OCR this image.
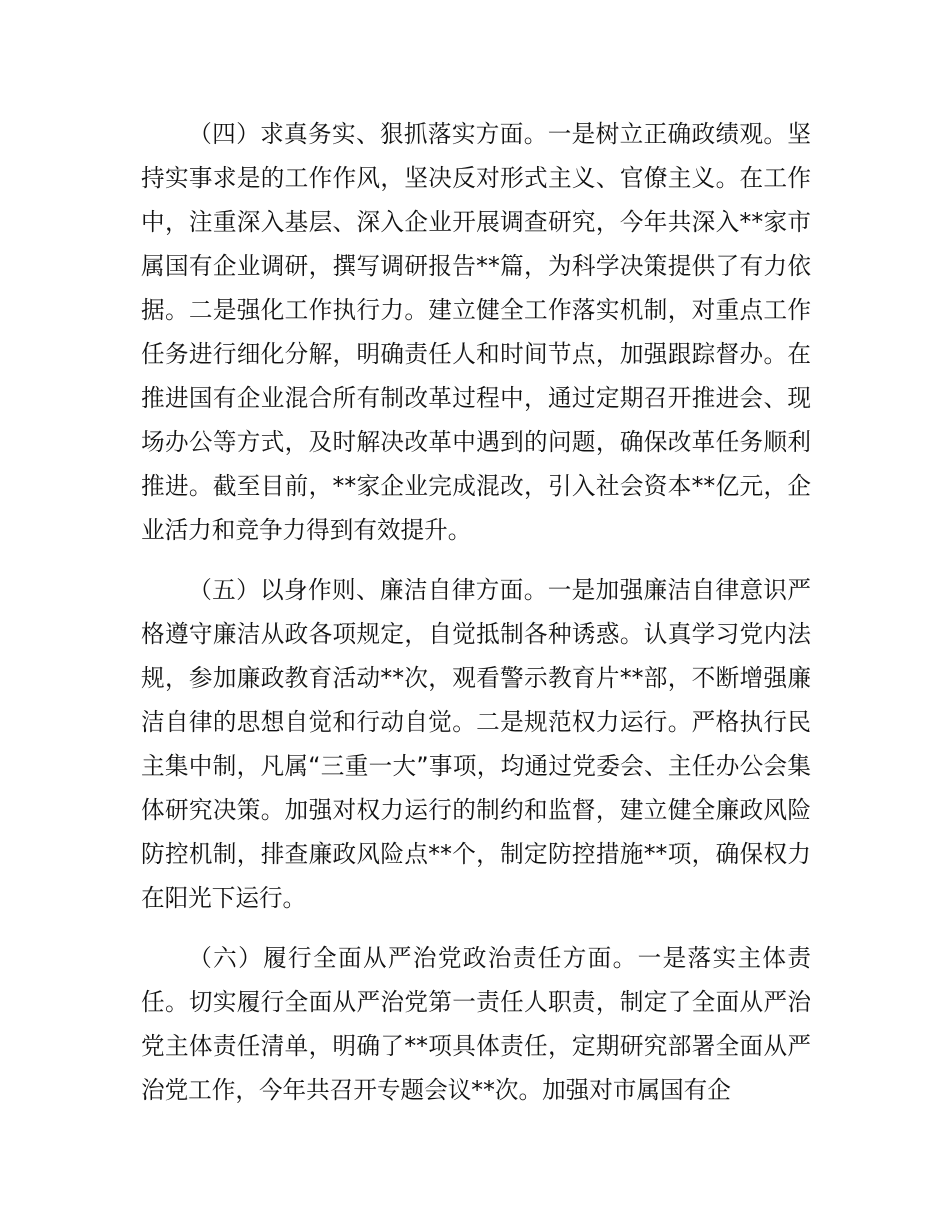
（四）求真务实、狠抓落实方面。一是树立正确政绩观。坚持实事求是的工作作风，坚决反对形式主义、官僚主义。在工作中，注重深入基层、深入企业开展调查研究，今年共深入**家市属国有企业调研，撰写调研报告**篇，为科学决策提供了有力依据。二是强化工作执行力。建立健全工作落实机制，对重点工作任务进行细化分解，明确责任人和时间节点，加强跟踪督办。在推进国有企业混合所有制改革过程中，通过定期召开推进会、现场办公等方式，及时解决改革中遇到的问题，确保改革任务顺利推进。截至目前，**家企业完成混改，引入社会资本**亿元，企业活力和竞争力得到有效提升。

（五）以身作则、廉洁自律方面。一是加强廉洁自律意识严格遵守廉洁从政各项规定，自觉抵制各种诱惑。认真学习党内法规，参加廉政教育活动**次，观看警示教育片**部，不断增强廉洁自律的思想自觉和行动自觉。二是规范权力运行。严格执行民主集中制，凡属“三重一大”事项，均通过党委会、主任办公会集体研究决策。加强对权力运行的制约和监督，建立健全廉政风险防控机制，排查廉政风险点**个，制定防控措施**项，确保权力在阳光下运行。

（六）履行全面从严治党政治责任方面。一是落实主体责任。切实履行全面从严治党第一责任人职责，制定了全面从严治党主体责任清单，明确了**项具体责任，定期研究部署全面从严治党工作，今年共召开专题会议**次。加强对市属国有企
